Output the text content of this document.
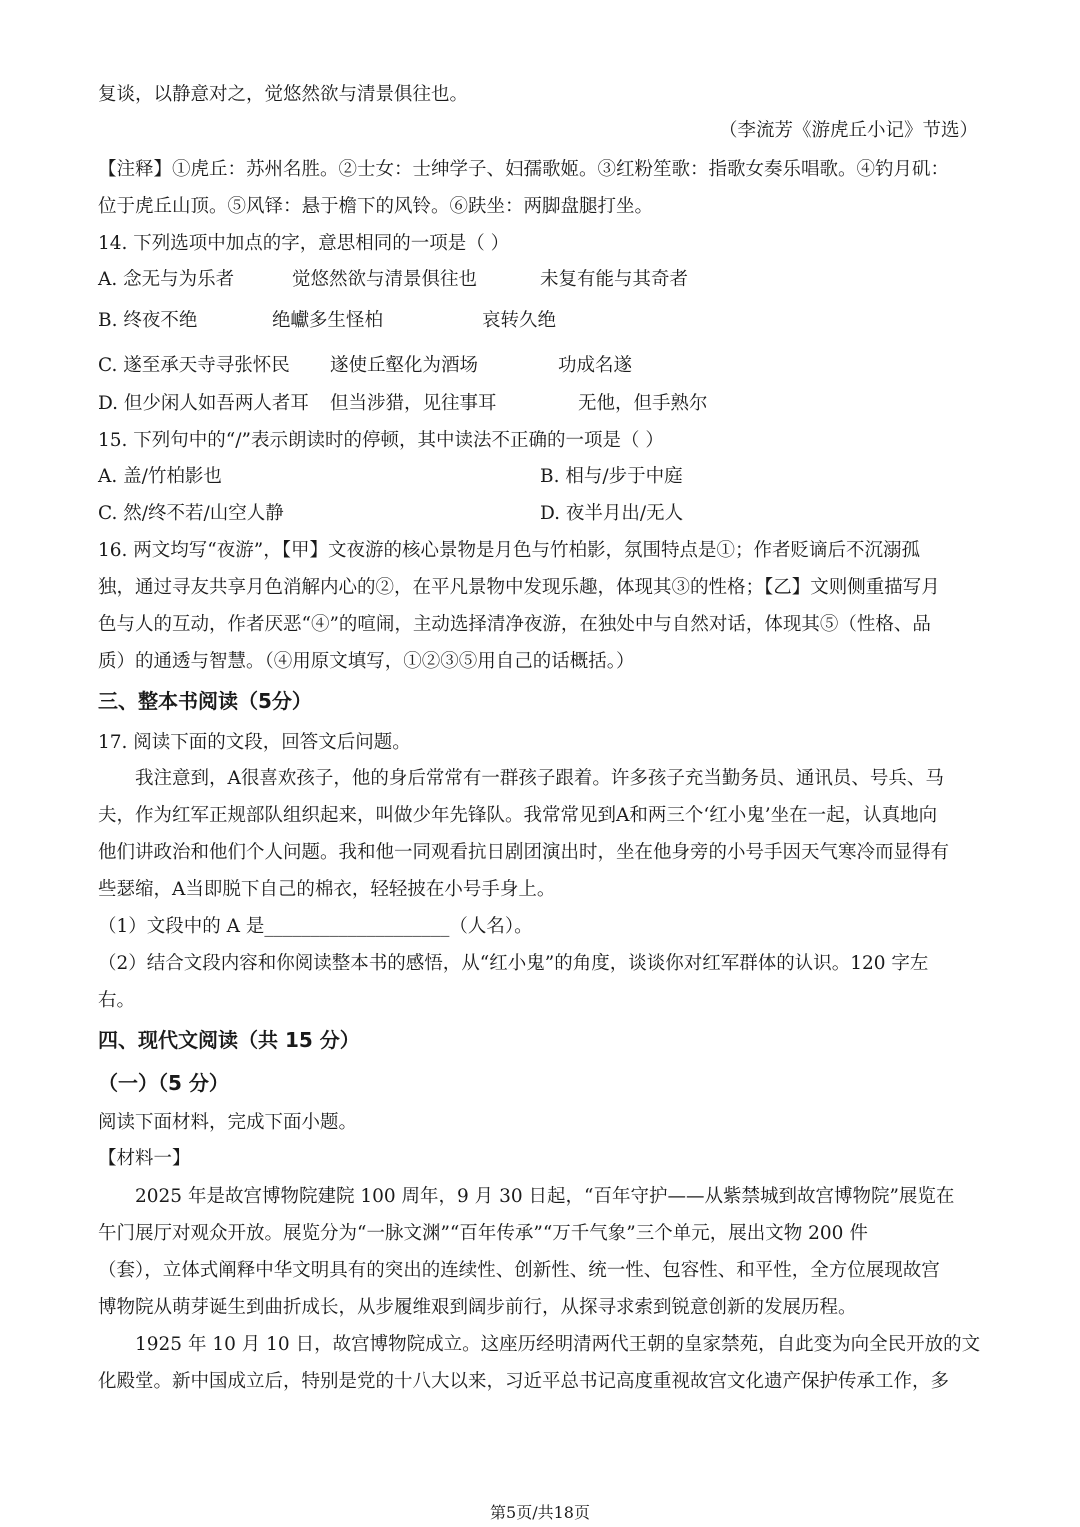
复谈，以静意对之，觉悠然欲与清景俱往也。
（李流芳《游虎丘小记》节选）
【注释】①虎丘：苏州名胜。②士女：士绅学子、妇孺歌姬。③红粉笙歌：指歌女奏乐唱歌。④钓月矶：
位于虎丘山顶。⑤风铎：悬于檐下的风铃。⑥趺坐：两脚盘腿打坐。
14. 下列选项中加点的字，意思相同的一项是（ ）
A. 念无与为乐者	觉悠然欲与清景俱往也	未复有能与其奇者
B. 终夜不绝	绝巘多生怪柏	哀转久绝
C. 遂至承天寺寻张怀民 遂使丘壑化为酒场	功成名遂
D. 但少闲人如吾两人者耳 但当涉猎，见往事耳	无他，但手熟尔
15. 下列句中的“/”表示朗读时的停顿，其中读法不正确的一项是（ ）
A. 盖/竹柏影也	B. 相与/步于中庭
C. 然/终不若/山空人静	D. 夜半月出/无人
16. 两文均写“夜游”，【甲】文夜游的核心景物是月色与竹柏影，氛围特点是①；作者贬谪后不沉溺孤
独，通过寻友共享月色消解内心的②，在平凡景物中发现乐趣，体现其③的性格；【乙】文则侧重描写月
色与人的互动，作者厌恶“④”的喧闹，主动选择清净夜游，在独处中与自然对话，体现其⑤（性格、品
质）的通透与智慧。（④用原文填写，①②③⑤用自己的话概括。）
三、整本书阅读（5分）
17. 阅读下面的文段，回答文后问题。
我注意到，A很喜欢孩子，他的身后常常有一群孩子跟着。许多孩子充当勤务员、通讯员、号兵、马
夫，作为红军正规部队组织起来，叫做少年先锋队。我常常见到A和两三个‘红小鬼’坐在一起，认真地向
他们讲政治和他们个人问题。我和他一同观看抗日剧团演出时，坐在他身旁的小号手因天气寒冷而显得有
些瑟缩，A当即脱下自己的棉衣，轻轻披在小号手身上。
（1）文段中的 A 是____________________（人名）。
（2）结合文段内容和你阅读整本书的感悟，从“红小鬼”的角度，谈谈你对红军群体的认识。120 字左
右。
四、现代文阅读（共 15 分）
（一）（5 分）
阅读下面材料，完成下面小题。
【材料一】
2025 年是故宫博物院建院 100 周年，9 月 30 日起，“百年守护——从紫禁城到故宫博物院”展览在
午门展厅对观众开放。展览分为“一脉文渊”“百年传承”“万千气象”三个单元，展出文物 200 件
（套），立体式阐释中华文明具有的突出的连续性、创新性、统一性、包容性、和平性，全方位展现故宫
博物院从萌芽诞生到曲折成长，从步履维艰到阔步前行，从探寻求索到锐意创新的发展历程。
1925 年 10 月 10 日，故宫博物院成立。这座历经明清两代王朝的皇家禁苑，自此变为向全民开放的文
化殿堂。新中国成立后，特别是党的十八大以来，习近平总书记高度重视故宫文化遗产保护传承工作，多
第5页/共18页
